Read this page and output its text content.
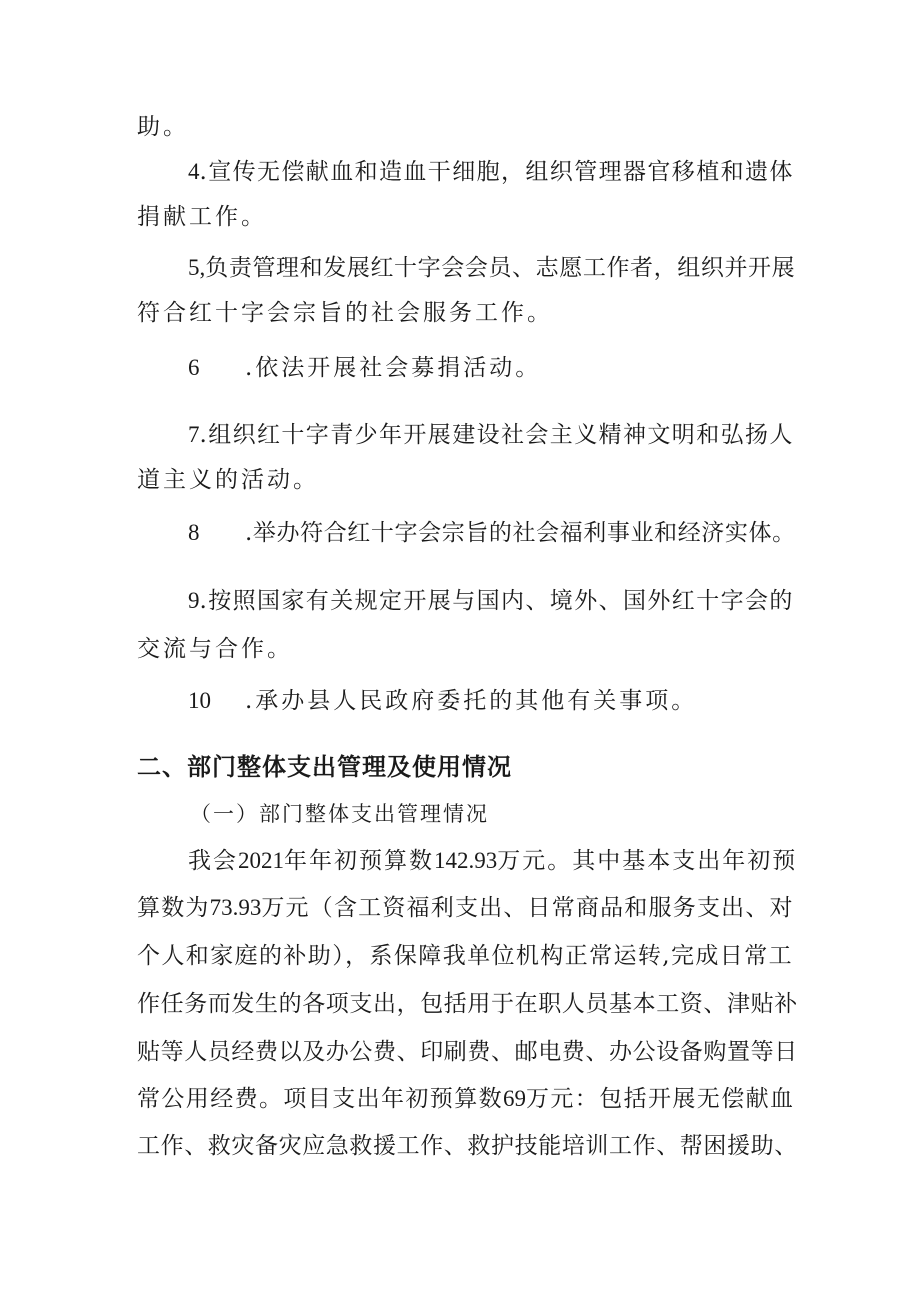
助。
4.宣传无偿献血和造血干细胞，组织管理器官移植和遗体
捐献工作。
5,负责管理和发展红十字会会员、志愿工作者，组织并开展
符合红十字会宗旨的社会服务工作。
6 .依法开展社会募捐活动。
7.组织红十字青少年开展建设社会主义精神文明和弘扬人
道主义的活动。
8 .举办符合红十字会宗旨的社会福利事业和经济实体。
9.按照国家有关规定开展与国内、境外、国外红十字会的
交流与合作。
10 .承办县人民政府委托的其他有关事项。
二、部门整体支出管理及使用情况
（一）部门整体支出管理情况
我会2021年年初预算数142.93万元。其中基本支出年初预
算数为73.93万元（含工资福利支出、日常商品和服务支出、对
个人和家庭的补助），系保障我单位机构正常运转,完成日常工
作任务而发生的各项支出，包括用于在职人员基本工资、津贴补
贴等人员经费以及办公费、印刷费、邮电费、办公设备购置等日
常公用经费。项目支出年初预算数69万元：包括开展无偿献血
工作、救灾备灾应急救援工作、救护技能培训工作、帮困援助、
